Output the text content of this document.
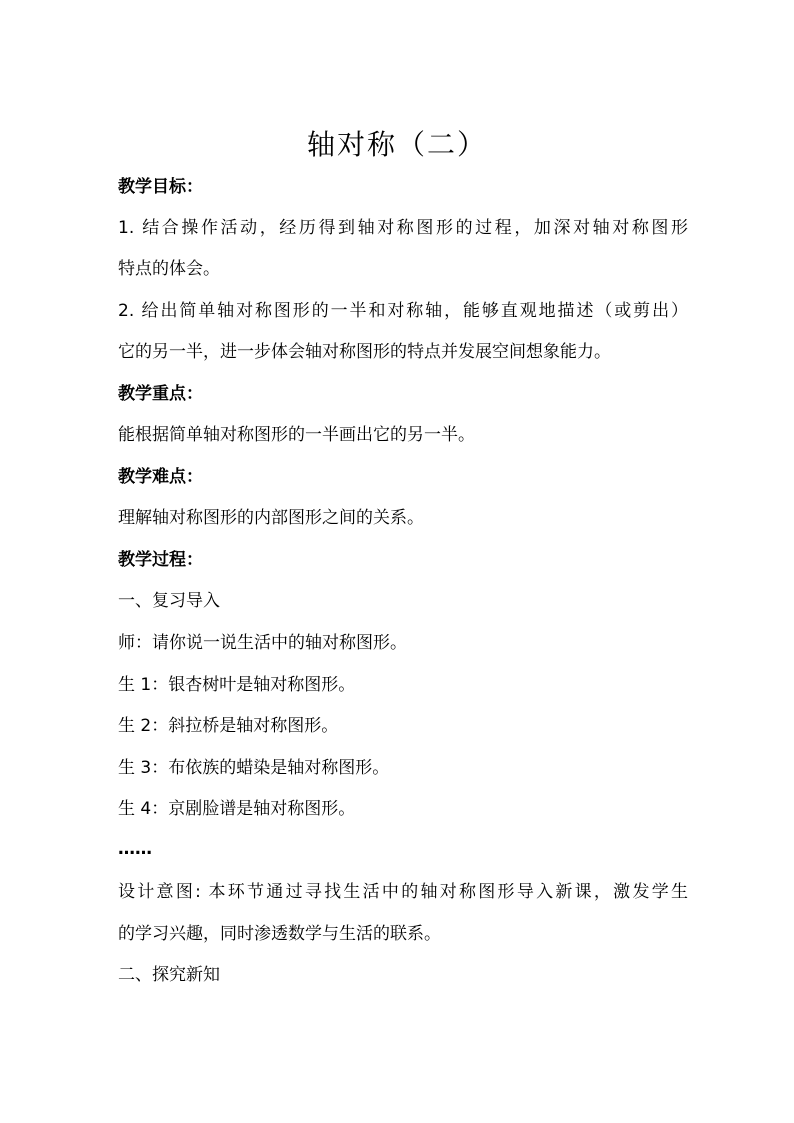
轴对称（二）
教学目标：
1. 结合操作活动，经历得到轴对称图形的过程，加深对轴对称图形
特点的体会。
2. 给出简单轴对称图形的一半和对称轴，能够直观地描述（或剪出）
它的另一半，进一步体会轴对称图形的特点并发展空间想象能力。
教学重点：
能根据简单轴对称图形的一半画出它的另一半。
教学难点：
理解轴对称图形的内部图形之间的关系。
教学过程：
一、复习导入
师：请你说一说生活中的轴对称图形。
生 1：银杏树叶是轴对称图形。
生 2：斜拉桥是轴对称图形。
生 3：布依族的蜡染是轴对称图形。
生 4：京剧脸谱是轴对称图形。
……
设计意图: 本环节通过寻找生活中的轴对称图形导入新课，激发学生
的学习兴趣，同时渗透数学与生活的联系。
二、探究新知
